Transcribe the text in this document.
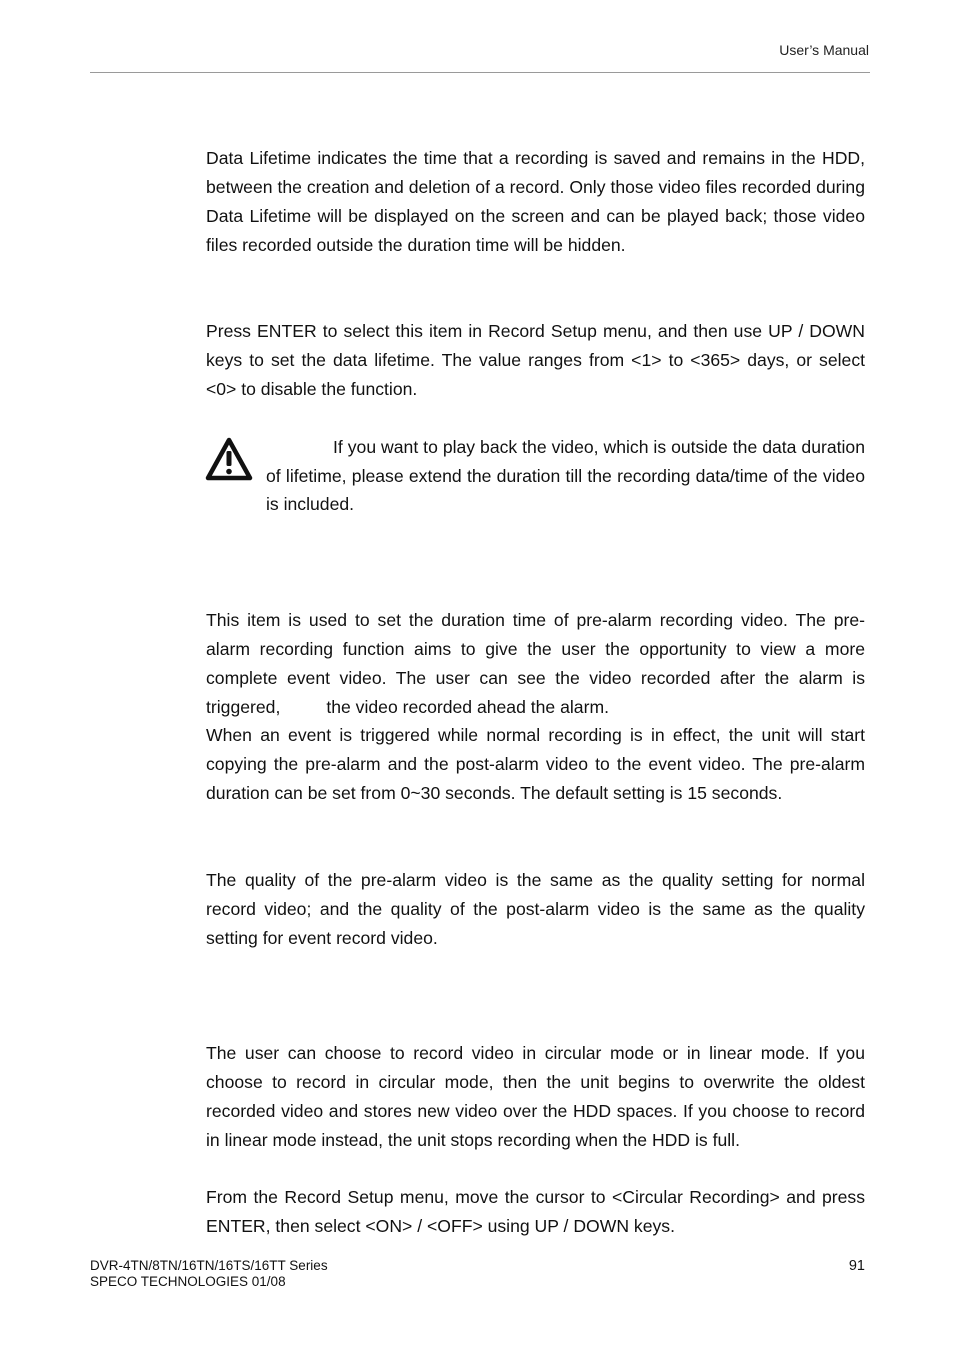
User’s Manual

Data Lifetime indicates the time that a recording is saved and remains in the HDD, between the creation and deletion of a record. Only those video files recorded during Data Lifetime will be displayed on the screen and can be played back; those video files recorded outside the duration time will be hidden.

Press ENTER to select this item in Record Setup menu, and then use UP / DOWN keys to set the data lifetime. The value ranges from <1> to <365> days, or select <0> to disable the function.

If you want to play back the video, which is outside the data duration of lifetime, please extend the duration till the recording data/time of the video is included.

This item is used to set the duration time of pre-alarm recording video. The pre-alarm recording function aims to give the user the opportunity to view a more complete event video. The user can see the video recorded after the alarm is triggered,	the video recorded ahead the alarm.

When an event is triggered while normal recording is in effect, the unit will start copying the pre-alarm and the post-alarm video to the event video. The pre-alarm duration can be set from 0~30 seconds. The default setting is 15 seconds.

The quality of the pre-alarm video is the same as the quality setting for normal record video; and the quality of the post-alarm video is the same as the quality setting for event record video.

The user can choose to record video in circular mode or in linear mode. If you choose to record in circular mode, then the unit begins to overwrite the oldest recorded video and stores new video over the HDD spaces. If you choose to record in linear mode instead, the unit stops recording when the HDD is full.

From the Record Setup menu, move the cursor to <Circular Recording> and press ENTER, then select <ON> / <OFF> using UP / DOWN keys.

DVR-4TN/8TN/16TN/16TS/16TT Series
SPECO TECHNOLOGIES 01/08
91
